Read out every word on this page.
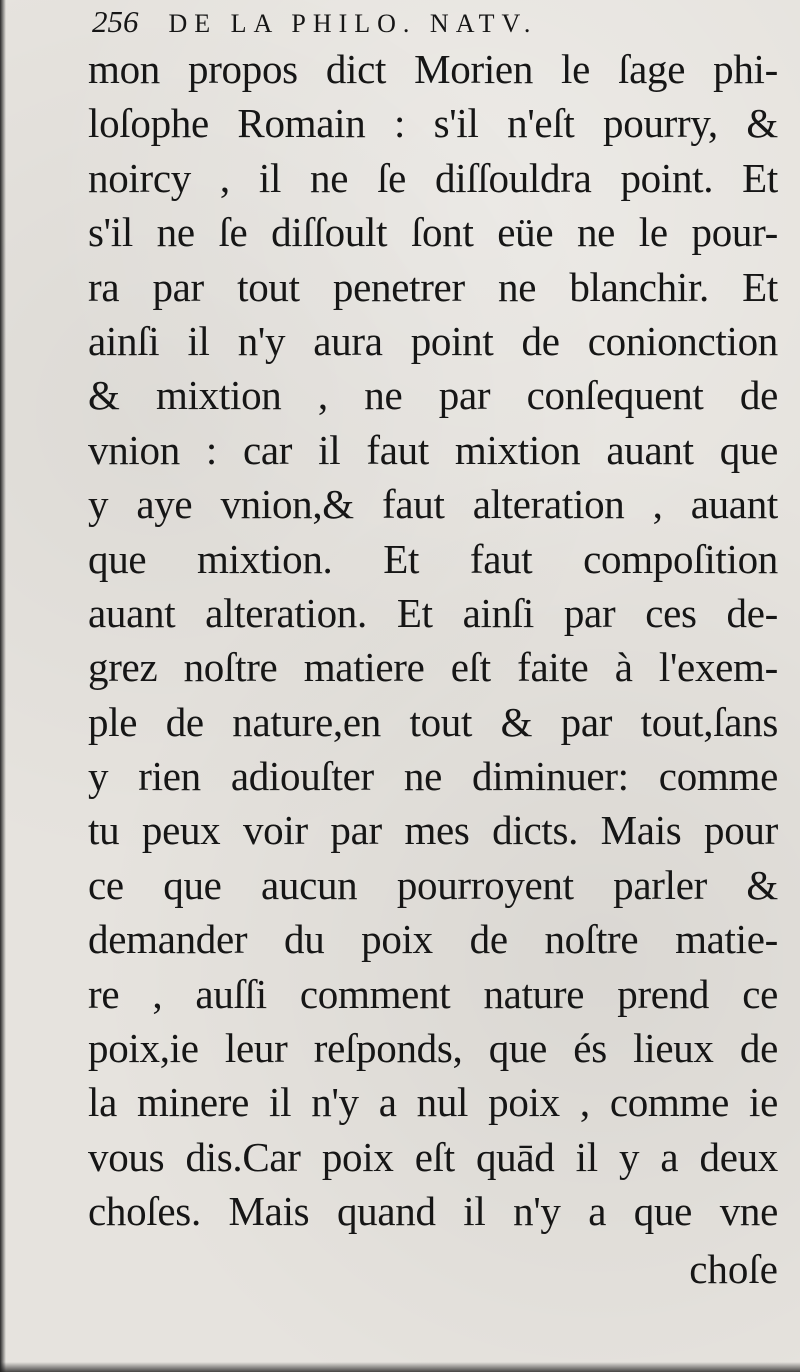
256 DE LA PHILO. NATV.
mon propos dict Morien le ſage phi-
loſophe Romain : s'il n'eſt pourry, &
noircy , il ne ſe diſſouldra point. Et
s'il ne ſe diſſoult ſont eüe ne le pour-
ra par tout penetrer ne blanchir. Et
ainſi il n'y aura point de conionction
& mixtion , ne par conſequent de
vnion : car il faut mixtion auant que
y aye vnion,& faut alteration , auant
que mixtion. Et faut compoſition
auant alteration. Et ainſi par ces de-
grez noſtre matiere eſt faite à l'exem-
ple de nature,en tout & par tout,ſans
y rien adiouſter ne diminuer: comme
tu peux voir par mes dicts. Mais pour
ce que aucun pourroyent parler &
demander du poix de noſtre matie-
re , auſſi comment nature prend ce
poix,ie leur reſponds, que és lieux de
la minere il n'y a nul poix , comme ie
vous dis.Car poix eſt quād il y a deux
choſes. Mais quand il n'y a que vne
choſe
